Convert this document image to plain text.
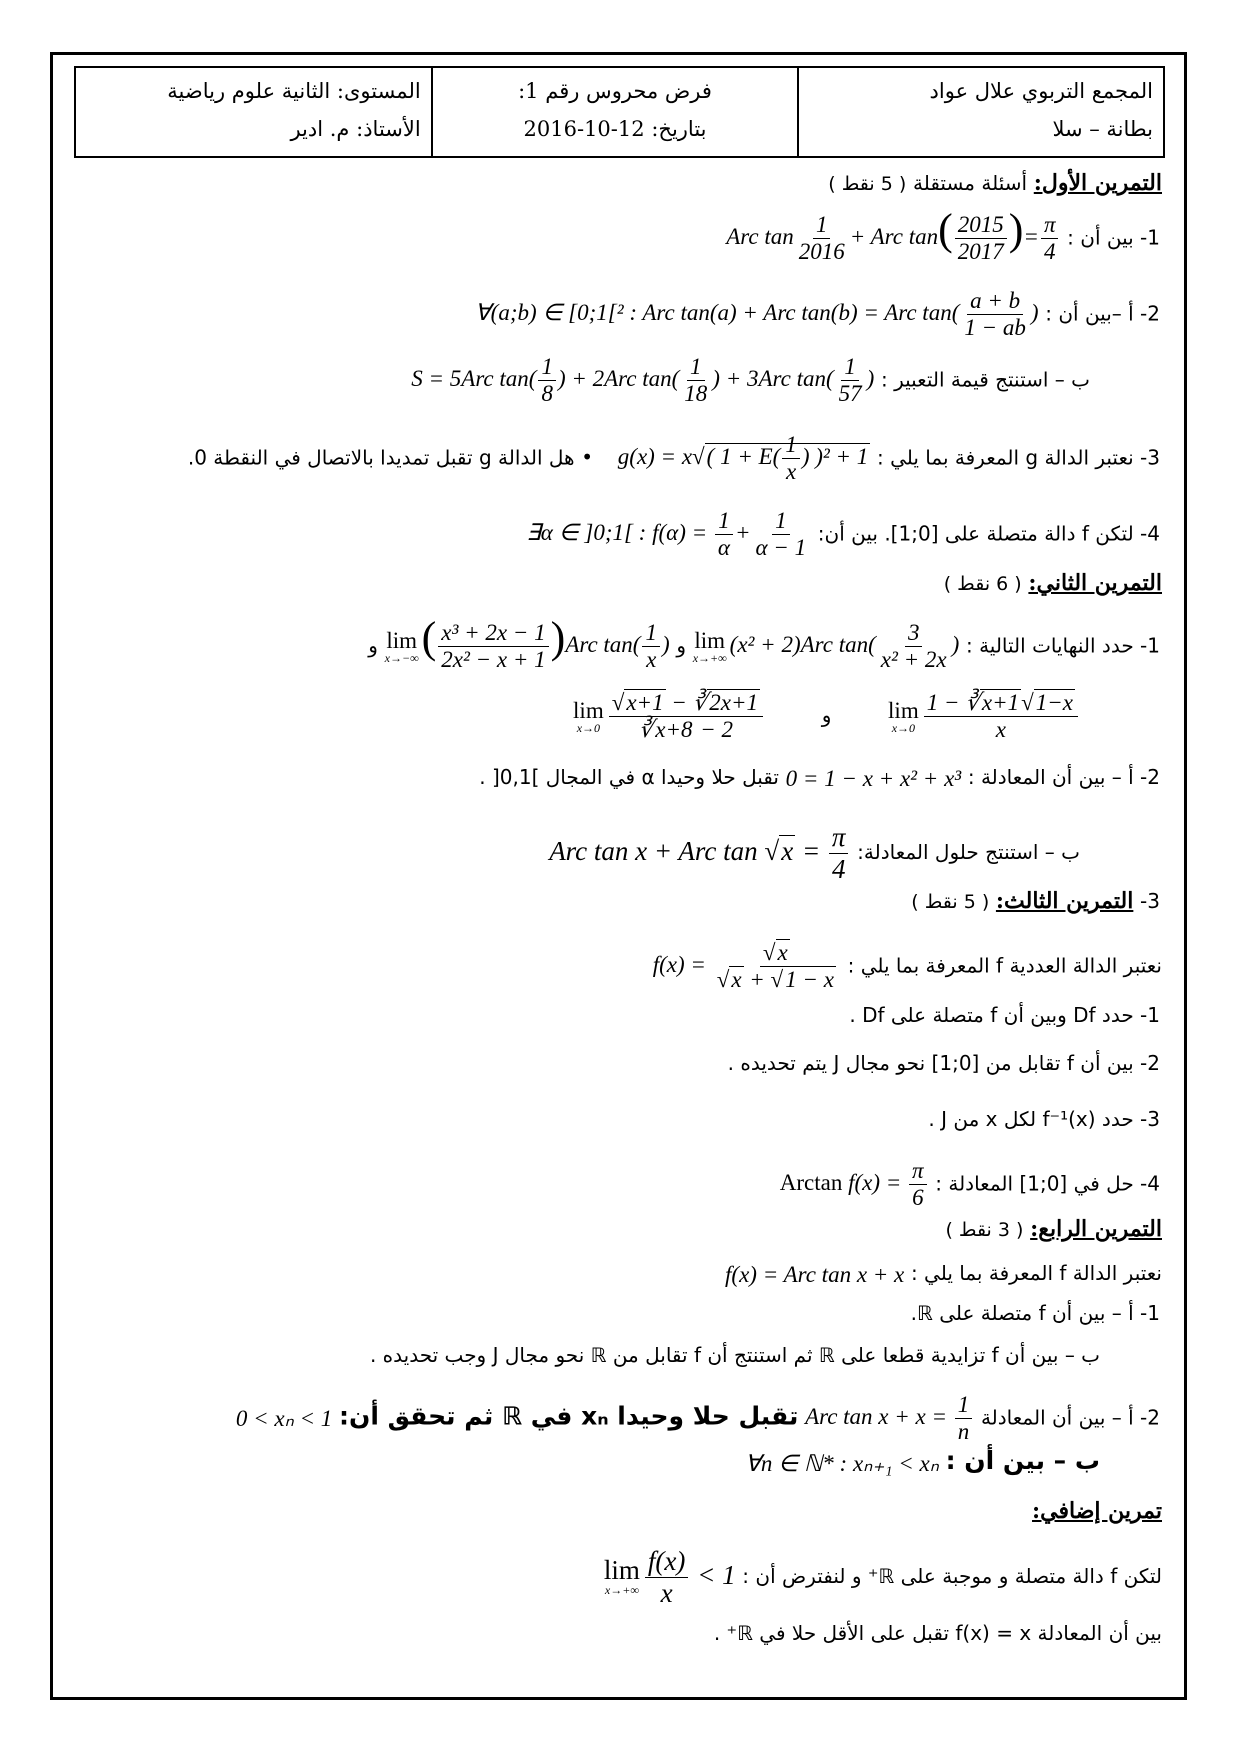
المجمع التربوي علال عواد
بطانة – سلا
فرض محروس رقم 1:
بتاريخ: 12-10-2016
المستوى: الثانية علوم رياضية
الأستاذ: م. ادير
التمرين الأول: أسئلة مستقلة ( 5 نقط )
1- بين أن : Arc $\tan \frac{1}{2016}$ + Arc $\tan( \frac{2015}{2017}$ )= $\frac{\pi}{4}$
2- أ –بين أن : ∀(a;b) ∈ [0;1[² : Arc tan(a) + Arc tan(b) = Arc $\tan( \frac{a + b}{1 - ab}$ )
ب – استنتج قيمة التعبير : S = 5Arc $\tan( \frac{1}{8}$ ) + 2Arc $\tan( \frac{1}{18}$ ) + 3Arc $\tan( \frac{1}{57}$ )
3- نعتبر الدالة g المعرفة بما يلي : g(x) = x√( $1 + E( \frac{1}{x}$ ) )² + 1 • هل الدالة g تقبل تمديدا بالاتصال في النقطة 0.
4- لتكن f دالة متصلة على [0;1]. بين أن: ∃α ∈ ]0;1[ : $f(\alpha) = \frac{1}{\alpha} + \frac{1}{\alpha - 1}$
التمرين الثاني: ( 6 نقط )
1- حدد النهايات التالية :
lim
x→+∞
(x² + 2)Arc $\tan( \frac{3}{\text{x² + 2x}}$ ) و
lim
x→−∞ ( $\frac{\text{x³ + 2x − 1}}{\text{2x² − x + 1}} )Arc$ $\tan( \frac{1}{x}$ ) و
lim
$x\to 0 \frac{1 - ∛x+1√1-x}{x}$
و
lim
$x\to 0 \frac{√x+1 - ∛2x+1}{∛x+8 - 2}$
2- أ – بين أن المعادلة : 0 = 1 − x + x² + x³ تقبل حلا وحيدا α في المجال ]0,1[ .
ب – استنتج حلول المعادلة: Arc tan x + Arc $\tan √x = \frac{\pi}{4}$
3- التمرين الثالث: ( 5 نقط )
نعتبر الدالة العددية f المعرفة بما يلي : $f(x) = \frac{√x}{√x + √1 - x}$
1- حدد Df وبين أن f متصلة على Df .
2- بين أن f تقابل من [0;1] نحو مجال J يتم تحديده .
3- حدد f⁻¹(x) لكل x من J .
4- حل في [0;1] المعادلة : Arctan $f(x) = \frac{\pi}{6}$
التمرين الرابع: ( 3 نقط )
نعتبر الدالة f المعرفة بما يلي : f(x) = Arc tan x + x
1- أ – بين أن f متصلة على ℝ.
ب – بين أن f تزايدية قطعا على ℝ ثم استنتج أن f تقابل من ℝ نحو مجال J وجب تحديده .
2- أ – بين أن المعادلة Arc $\tan x + x = \frac{1}{n}$
تقبل حلا وحيدا xₙ في ℝ ثم تحقق أن: 0 < xₙ < 1
ب – بين أن : ∀n ∈ ℕ* : xₙ₊₁ < xₙ
تمرين إضافي:
لتكن f دالة متصلة و موجبة على ℝ⁺ و لنفترض أن :
lim
$x\to+\infty \frac{f(x)}{x} < 1$
بين أن المعادلة f(x) = x تقبل على الأقل حلا في ℝ⁺ .
